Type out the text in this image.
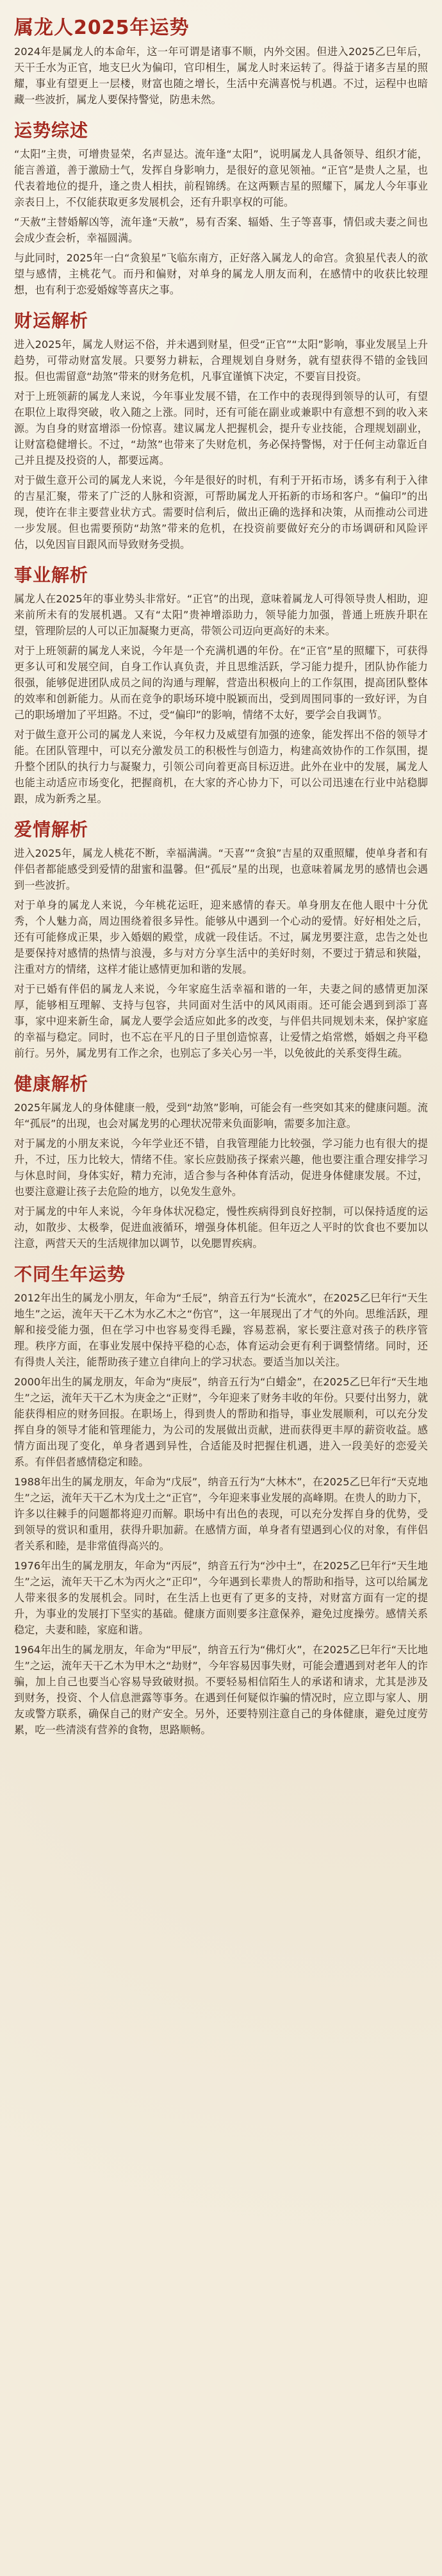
属龙人2025年运势

2024年是属龙人的本命年，这一年可谓是诸事不顺，内外交困。但进入2025乙巳年后，天干壬水为正官，地支巳火为偏印，官印相生，属龙人时来运转了。得益于诸多吉星的照耀，事业有望更上一层楼，财富也随之增长，生活中充满喜悦与机遇。不过，运程中也暗藏一些波折，属龙人要保持警觉，防患未然。

运势综述

“太阳”主贵，可增贵显荣，名声显达。流年逢“太阳”，说明属龙人具备领导、组织才能，能言善道，善于激励士气，发挥自身影响力，是很好的意见领袖。“正官”是贵人之星，也代表着地位的提升，逢之贵人相扶，前程锦绣。在这两颗吉星的照耀下，属龙人今年事业亲表日上，不仅能获取更多发展机会，还有升职享权的可能。

“天赦”主替婚解凶等，流年逢“天赦”，易有否案、辐婚、生子等喜事，情侣或夫妻之间也会成少查会析，幸福圆满。

与此同时，2025年一白“贪狼星”飞临东南方，正好落入属龙人的命宫。贪狼星代表人的欲望与感情，主桃花气。而丹和偏财，对单身的属龙人朋友而利，在感情中的收获比较理想，也有利于恋爱婚嫁等喜庆之事。

财运解析

进入2025年，属龙人财运不俗，并未遇到财星，但受“正官”“太阳”影响，事业发展呈上升趋势，可带动财富发展。只要努力耕耘，合理规划自身财务，就有望获得不错的金钱回报。但也需留意“劫煞”带来的财务危机，凡事宜谨慎下决定，不要盲目投资。

对于上班领薪的属龙人来说，今年事业发展不错，在工作中的表现得到领导的认可，有望在职位上取得突破，收入随之上涨。同时，还有可能在副业或兼职中有意想不到的收入来源。为自身的财富增添一份惊喜。建议属龙人把握机会，提升专业技能，合理规划副业，让财富稳健增长。不过，“劫煞”也带来了失财危机，务必保持警惕，对于任何主动靠近自己并且提及投资的人，都要远离。

对于做生意开公司的属龙人来说，今年是很好的时机，有利于开拓市场，诱多有利于入律的吉星汇聚，带来了广泛的人脉和资源，可帮助属龙人开拓新的市场和客户。“偏印”的出现，使许在非主要营业状方式。需要时信利后，做出正确的选择和决策，从而推动公司进一步发展。但也需要预防“劫煞”带来的危机，在投资前要做好充分的市场调研和风险评估，以免因盲目跟风而导致财务受损。

事业解析

属龙人在2025年的事业势头非常好。“正官”的出现，意味着属龙人可得领导贵人相助，迎来前所未有的发展机遇。又有“太阳”贵神增添助力，领导能力加强，普通上班族升职在望，管理阶层的人可以正加凝聚力更高，带领公司迈向更高好的未来。

对于上班领薪的属龙人来说，今年是一个充满机遇的年份。在“正官”星的照耀下，可获得更多认可和发展空间，自身工作认真负责，并且思维活跃，学习能力提升，团队协作能力很强，能够促进团队成员之间的沟通与理解，营造出积极向上的工作氛围，提高团队整体的效率和创新能力。从而在竞争的职场环境中脱颖而出，受到周围同事的一致好评，为自己的职场增加了平坦路。不过，受“偏印”的影响，情绪不太好，要学会自我调节。

对于做生意开公司的属龙人来说，今年权力及威望有加强的迹象，能发挥出不俗的领导才能。在团队管理中，可以充分激发员工的积极性与创造力，构建高效协作的工作氛围，提升整个团队的执行力与凝聚力，引领公司向着更高目标迈进。此外在业中的发展，属龙人也能主动适应市场变化，把握商机，在大家的齐心协力下，可以公司迅速在行业中站稳脚跟，成为新秀之星。

爱情解析

进入2025年，属龙人桃花不断，幸福满满。“天喜”“贪狼”吉星的双重照耀，使单身者和有伴侣者都能感受到爱情的甜蜜和温馨。但“孤辰”星的出现，也意味着属龙男的感情也会遇到一些波折。

对于单身的属龙人来说，今年桃花运旺，迎来感情的春天。单身朋友在他人眼中十分优秀，个人魅力高，周边围绕着很多异性。能够从中遇到一个心动的爱情。好好相处之后，还有可能修成正果，步入婚姻的殿堂，成就一段佳话。不过，属龙男要注意，忠告之处也是要保持对感情的热情与浪漫，多与对方分享生活中的美好时刻，不要过于猜忌和狭隘，注重对方的情绪，这样才能让感情更加和谐的发展。

对于已婚有伴侣的属龙人来说，今年家庭生活幸福和谐的一年，夫妻之间的感情更加深厚，能够相互理解、支持与包容，共同面对生活中的风风雨雨。还可能会遇到到添丁喜事，家中迎来新生命，属龙人要学会适应如此多的改变，与伴侣共同规划未来，保护家庭的幸福与稳定。同时，也不忘在平凡的日子里创造惊喜，让爱情之焰常燃，婚姻之舟平稳前行。另外，属龙男有工作之余，也别忘了多关心另一半，以免彼此的关系变得生疏。

健康解析

2025年属龙人的身体健康一般，受到“劫煞”影响，可能会有一些突如其来的健康问题。流年“孤辰”的出现，也会对属龙男的心理状况带来负面影响，需要多加注意。

对于属龙的小朋友来说，今年学业还不错，自我管理能力比较强，学习能力也有很大的提升，不过，压力比较大，情绪不佳。家长应鼓励孩子探索兴趣，他也要注重合理安排学习与休息时间，身体实好，精力充沛，适合参与各种体育活动，促进身体健康发展。不过，也要注意避让孩子去危险的地方，以免发生意外。

对于属龙的中年人来说，今年身体状况稳定，慢性疾病得到良好控制，可以保持适度的运动，如散步、太极拳，促进血液循环，增强身体机能。但年迈之人平时的饮食也不要加以注意，两营天天的生活规律加以调节，以免腮胃疾病。

不同生年运势

2012年出生的属龙小朋友，年命为“壬辰”，纳音五行为“长流水”，在2025乙巳年行“天生地生”之运，流年天干乙木为水乙木之“伤官”，这一年展现出了才气的外向。思维活跃，理解和接受能力强，但在学习中也容易变得毛躁，容易惹祸，家长要注意对孩子的秩序管理。秩序方面，在事业发展中保持平稳的心态，体育运动会更有利于调整情绪。同时，还有得贵人关注，能帮助孩子建立自律向上的学习状态。要适当加以关注。

2000年出生的属龙朋友，年命为“庚辰”，纳音五行为“白蜡金”，在2025乙巳年行“天生地生”之运，流年天干乙木为庚金之“正财”，今年迎来了财务丰收的年份。只要付出努力，就能获得相应的财务回报。在职场上，得到贵人的帮助和指导，事业发展顺利，可以充分发挥自身的领导才能和管理能力，为公司的发展做出贡献，进而获得更丰厚的薪资收益。感情方面出现了变化，单身者遇到异性，合适能及时把握住机遇，进入一段美好的恋爱关系。有伴侣者感情稳定和睦。

1988年出生的属龙朋友，年命为“戊辰”，纳音五行为“大林木”，在2025乙巳年行“天克地生”之运，流年天干乙木为戊土之“正官”，今年迎来事业发展的高峰期。在贵人的助力下，许多以往棘手的问题都将迎刃而解。职场中有出色的表现，可以充分发挥自身的优势，受到领导的赏识和重用，获得升职加薪。在感情方面，单身者有望遇到心仪的对象，有伴侣者关系和睦，是非常值得高兴的。

1976年出生的属龙朋友，年命为“丙辰”，纳音五行为“沙中土”，在2025乙巳年行“天生地生”之运，流年天干乙木为丙火之“正印”，今年遇到长辈贵人的帮助和指导，这可以给属龙人带来很多的发展机会。同时，在生活上也更有了更多的支持，对财富方面有一定的提升，为事业的发展打下坚实的基础。健康方面则要多注意保养，避免过度操劳。感情关系稳定，夫妻和睦，家庭和谐。

1964年出生的属龙朋友，年命为“甲辰”，纳音五行为“佛灯火”，在2025乙巳年行“天比地生”之运，流年天干乙木为甲木之“劫财”，今年容易因事失财，可能会遭遇到对老年人的诈骗，加上自己也要当心容易导致破财损。不要轻易相信陌生人的承诺和请求，尤其是涉及到财务，投资、个人信息泄露等事务。在遇到任何疑似诈骗的情况时，应立即与家人、朋友或警方联系，确保自己的财产安全。另外，还要特别注意自己的身体健康，避免过度劳累，吃一些清淡有营养的食物，思路顺畅。
